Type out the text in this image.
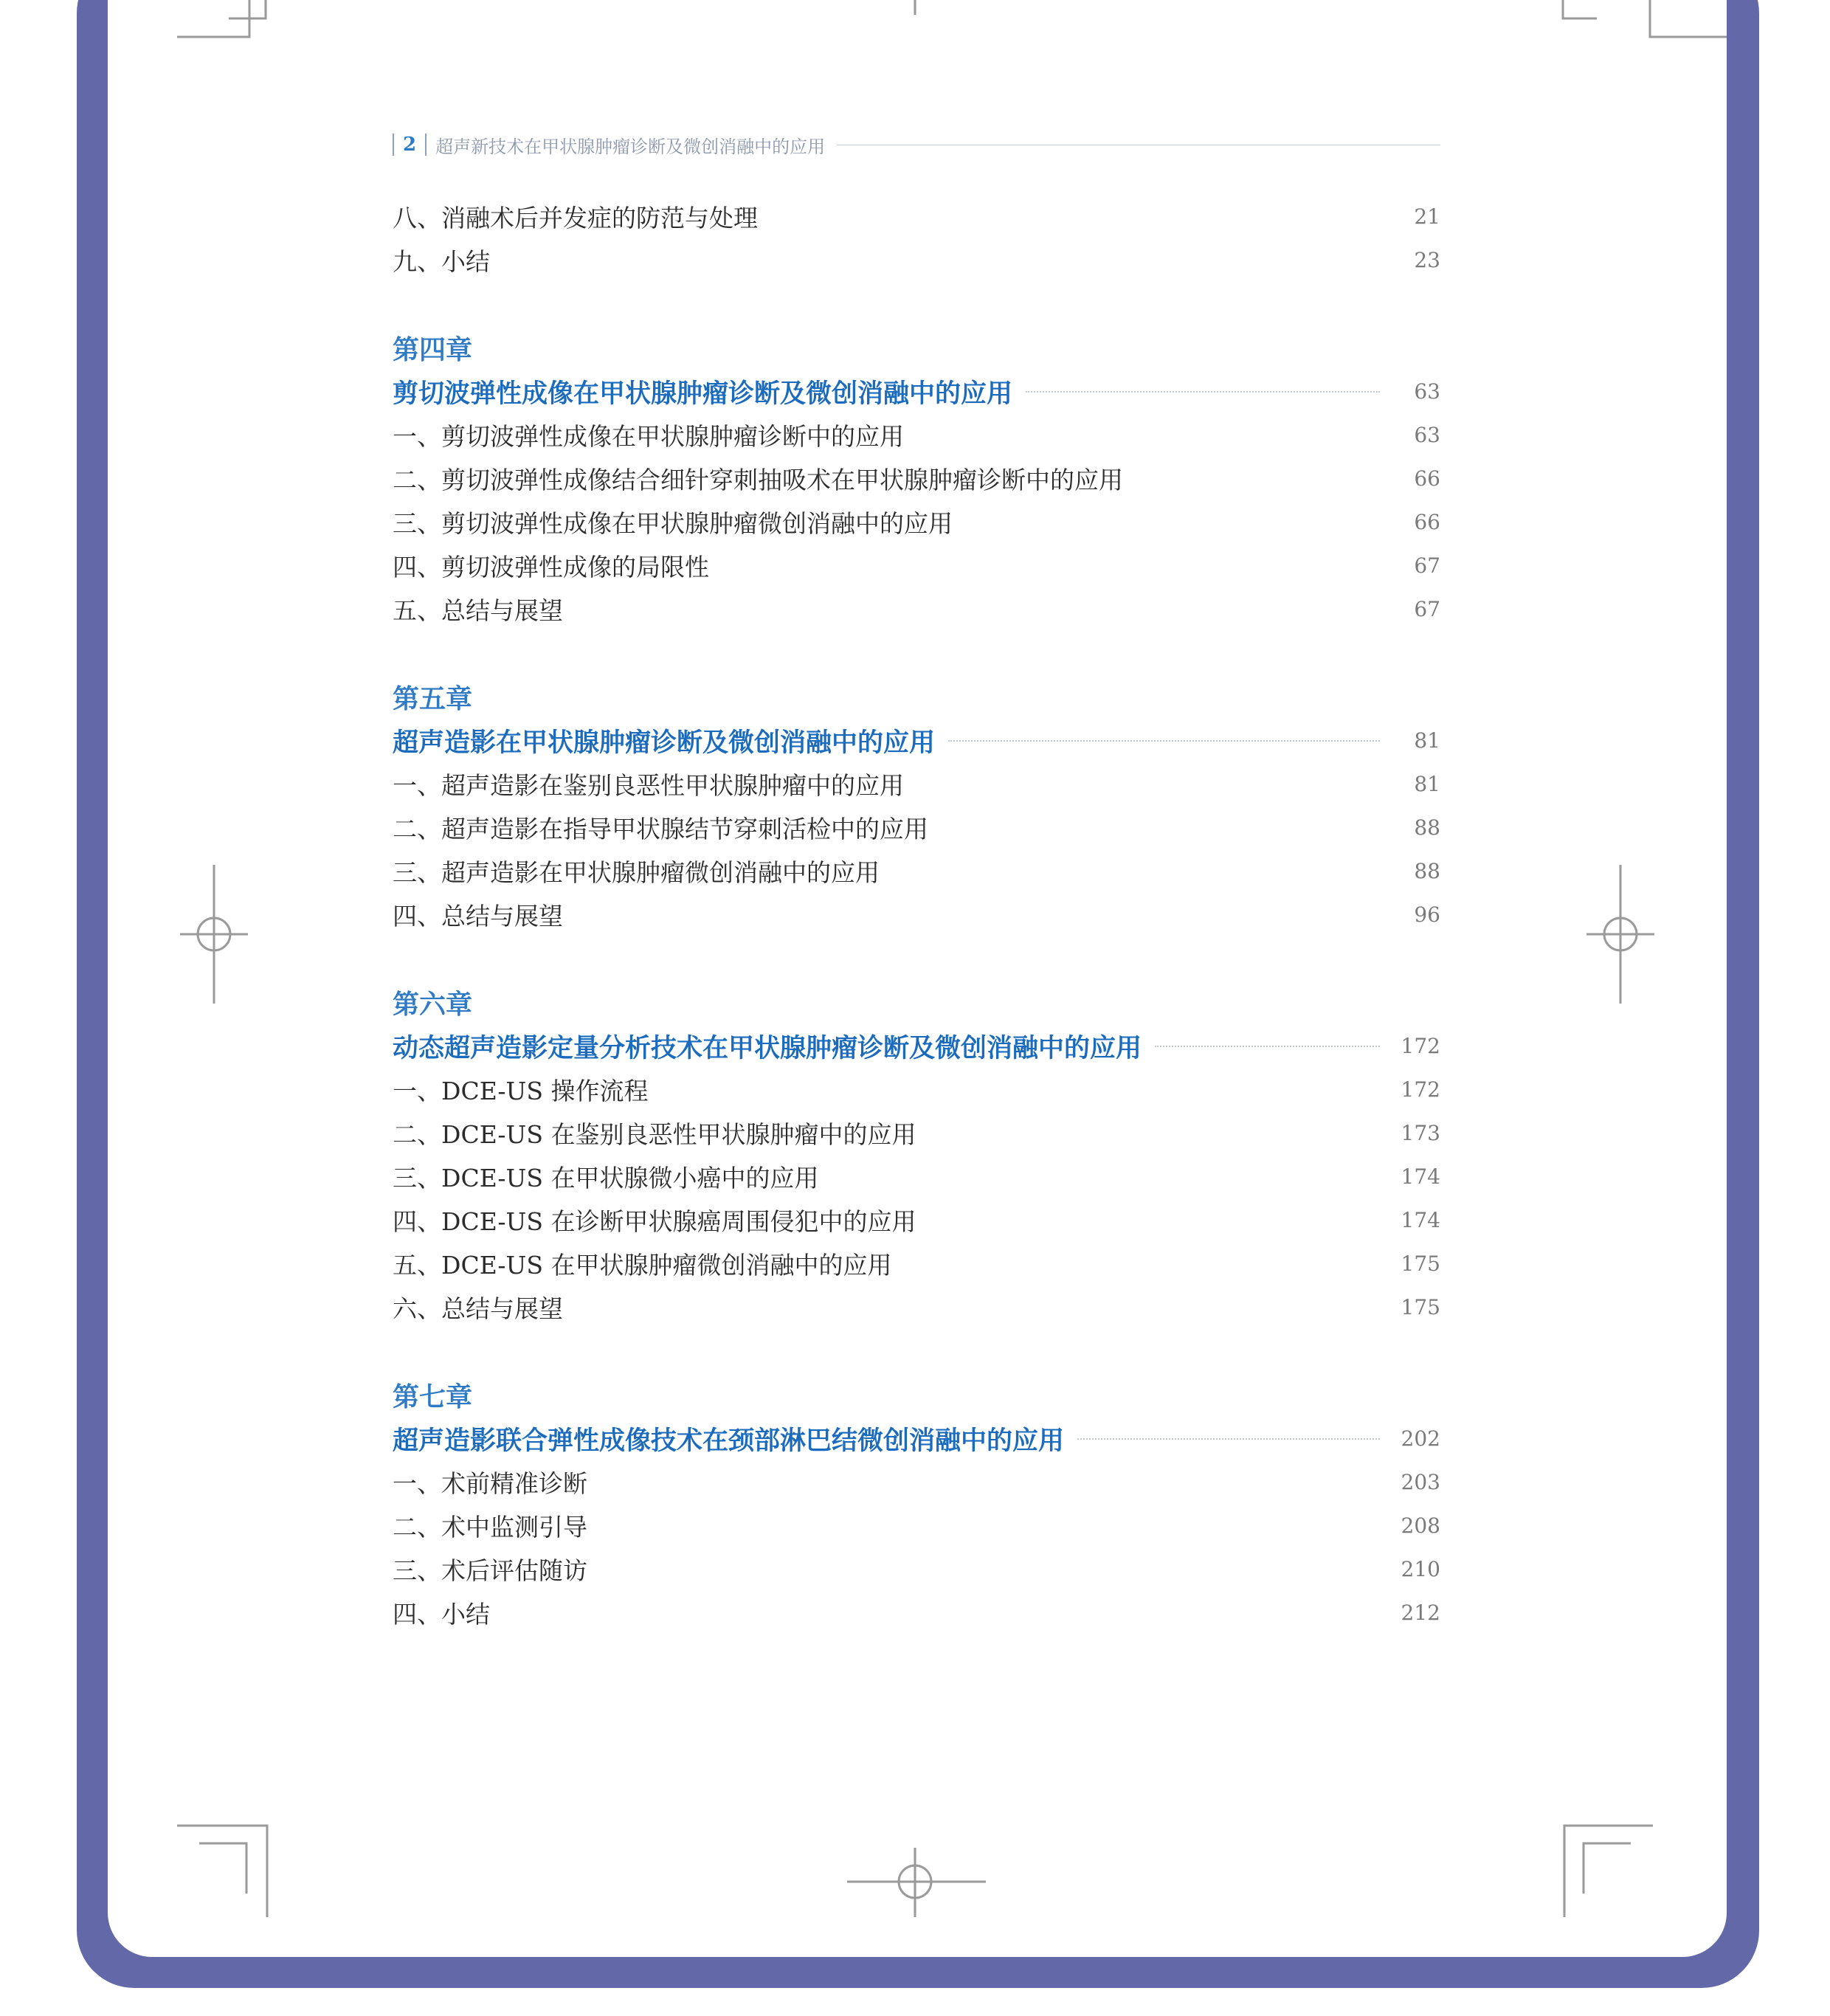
2 超声新技术在甲状腺肿瘤诊断及微创消融中的应用
八、消融术后并发症的防范与处理	21
九、小结	23
第四章
剪切波弹性成像在甲状腺肿瘤诊断及微创消融中的应用	63
一、剪切波弹性成像在甲状腺肿瘤诊断中的应用	63
二、剪切波弹性成像结合细针穿刺抽吸术在甲状腺肿瘤诊断中的应用	66
三、剪切波弹性成像在甲状腺肿瘤微创消融中的应用	66
四、剪切波弹性成像的局限性	67
五、总结与展望	67
第五章
超声造影在甲状腺肿瘤诊断及微创消融中的应用	81
一、超声造影在鉴别良恶性甲状腺肿瘤中的应用	81
二、超声造影在指导甲状腺结节穿刺活检中的应用	88
三、超声造影在甲状腺肿瘤微创消融中的应用	88
四、总结与展望	96
第六章
动态超声造影定量分析技术在甲状腺肿瘤诊断及微创消融中的应用	172
一、DCE-US 操作流程	172
二、DCE-US 在鉴别良恶性甲状腺肿瘤中的应用	173
三、DCE-US 在甲状腺微小癌中的应用	174
四、DCE-US 在诊断甲状腺癌周围侵犯中的应用	174
五、DCE-US 在甲状腺肿瘤微创消融中的应用	175
六、总结与展望	175
第七章
超声造影联合弹性成像技术在颈部淋巴结微创消融中的应用	202
一、术前精准诊断	203
二、术中监测引导	208
三、术后评估随访	210
四、小结	212
